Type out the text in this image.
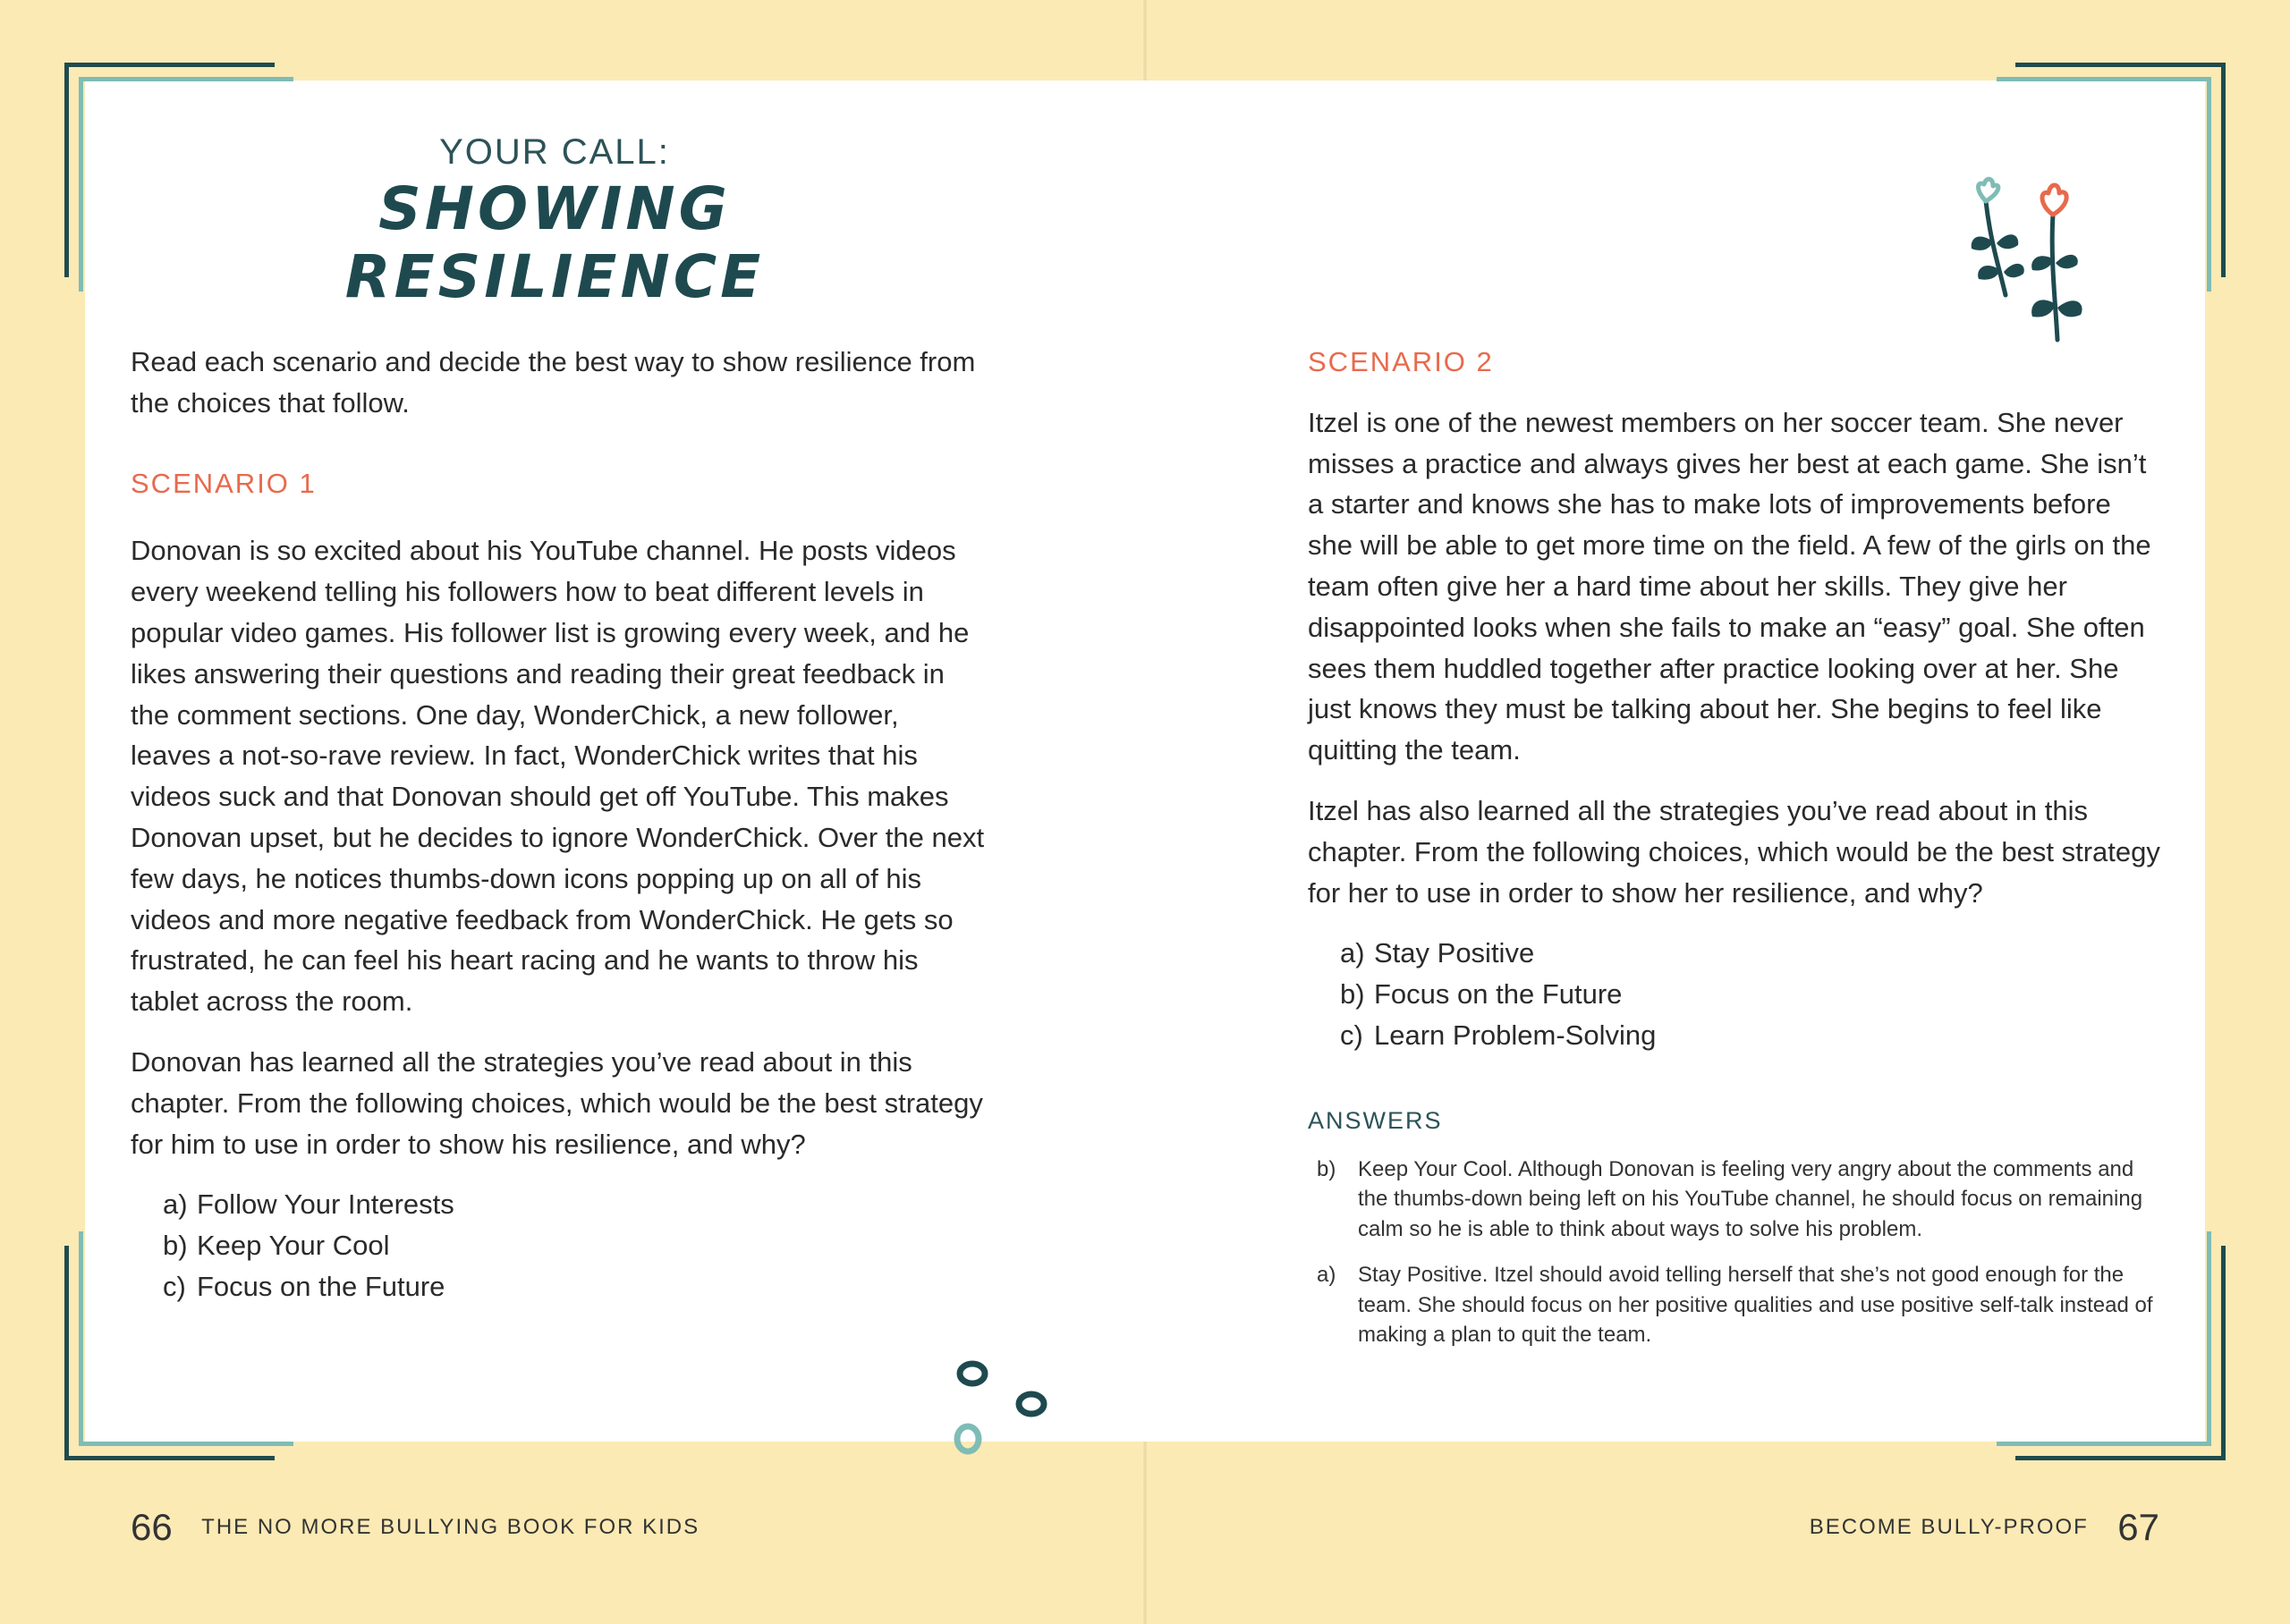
YOUR CALL:
SHOWING
RESILIENCE

Read each scenario and decide the best way to show resilience from the choices that follow.

SCENARIO 1

Donovan is so excited about his YouTube channel. He posts videos every weekend telling his followers how to beat different levels in popular video games. His follower list is growing every week, and he likes answering their questions and reading their great feedback in the comment sections. One day, WonderChick, a new follower, leaves a not-so-rave review. In fact, WonderChick writes that his videos suck and that Donovan should get off YouTube. This makes Donovan upset, but he decides to ignore WonderChick. Over the next few days, he notices thumbs-down icons popping up on all of his videos and more negative feedback from WonderChick. He gets so frustrated, he can feel his heart racing and he wants to throw his tablet across the room.

Donovan has learned all the strategies you’ve read about in this chapter. From the following choices, which would be the best strategy for him to use in order to show his resilience, and why?

a) Follow Your Interests
b) Keep Your Cool
c) Focus on the Future

SCENARIO 2

Itzel is one of the newest members on her soccer team. She never misses a practice and always gives her best at each game. She isn’t a starter and knows she has to make lots of improvements before she will be able to get more time on the field. A few of the girls on the team often give her a hard time about her skills. They give her disappointed looks when she fails to make an “easy” goal. She often sees them huddled together after practice looking over at her. She just knows they must be talking about her. She begins to feel like quitting the team.

Itzel has also learned all the strategies you’ve read about in this chapter. From the following choices, which would be the best strategy for her to use in order to show her resilience, and why?

a) Stay Positive
b) Focus on the Future
c) Learn Problem-Solving

ANSWERS

b)	Keep Your Cool. Although Donovan is feeling very angry about the comments and the thumbs-down being left on his YouTube channel, he should focus on remaining calm so he is able to think about ways to solve his problem.
a)	Stay Positive. Itzel should avoid telling herself that she’s not good enough for the team. She should focus on her positive qualities and use positive self-talk instead of making a plan to quit the team.
66 THE NO MORE BULLYING BOOK FOR KIDS	BECOME BULLY-PROOF 67
